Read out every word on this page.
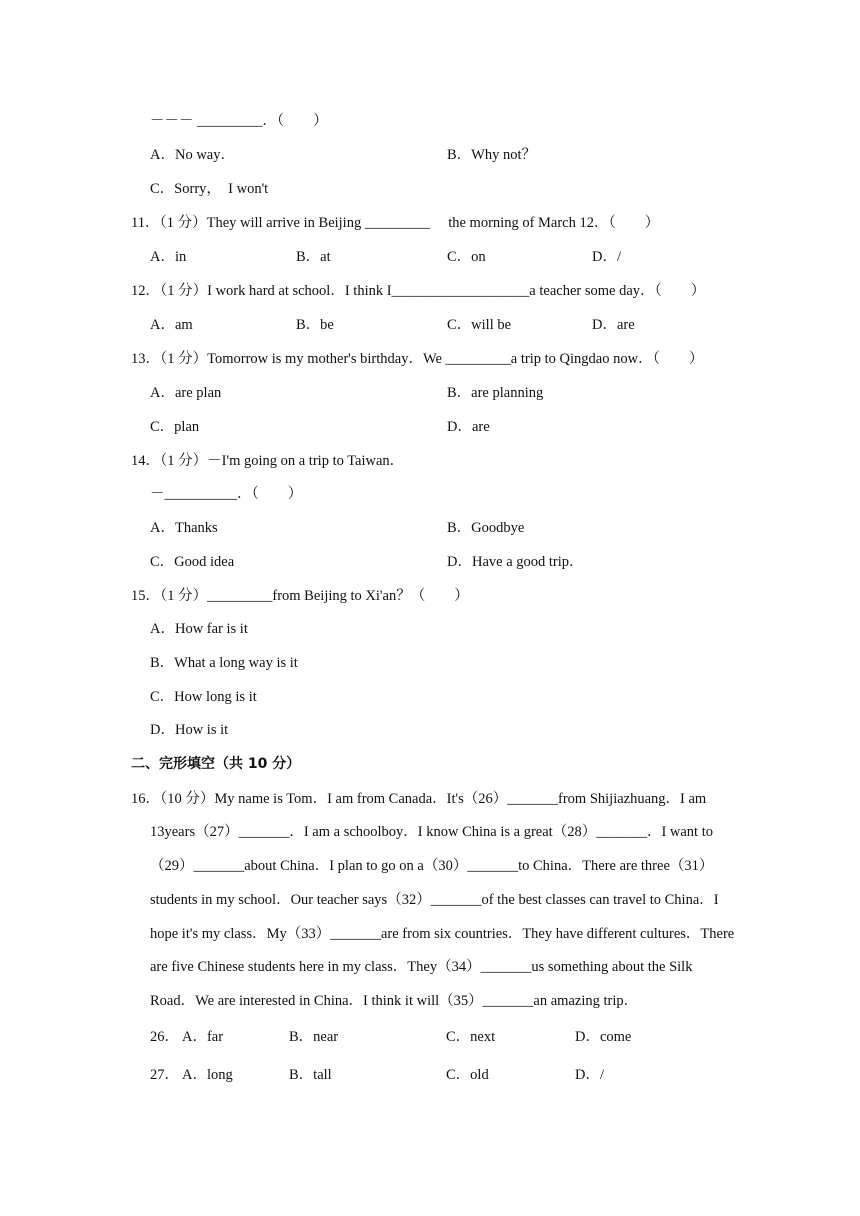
－－－ _________．（　　）
A．No way．	B．Why not？
C．Sorry，　I won't
11．（1 分）They will arrive in Beijing _________　 the morning of March 12．（　　）
A．in	B．at	C．on	D．/
12．（1 分）I work hard at school．I think I___________________a teacher some day．（　　）
A．am	B．be	C．will be	D．are
13．（1 分）Tomorrow is my mother's birthday．We _________a trip to Qingdao now．（　　）
A．are plan	B．are planning
C．plan	D．are
14．（1 分）－I'm going on a trip to Taiwan．
－__________．（　　）
A．Thanks	B．Goodbye
C．Good idea	D．Have a good trip．
15．（1 分）_________from Beijing to Xi'an？（　　）
A．How far is it
B．What a long way is it
C．How long is it
D．How is it
二、完形填空（共 10 分）
16．（10 分）My name is Tom．I am from Canada．It's（26）_______from Shijiazhuang．I am
13years（27）_______．I am a schoolboy．I know China is a great（28）_______．I want to
（29）_______about China．I plan to go on a（30）_______to China．There are three（31）
students in my school．Our teacher says（32）_______of the best classes can travel to China．I
hope it's my class．My（33）_______are from six countries．They have different cultures．There
are five Chinese students here in my class．They（34）_______us something about the Silk
Road．We are interested in China．I think it will（35）_______an amazing trip．
26． A．far	B．near	C．next	D．come
27． A．long	B．tall	C．old	D．/
